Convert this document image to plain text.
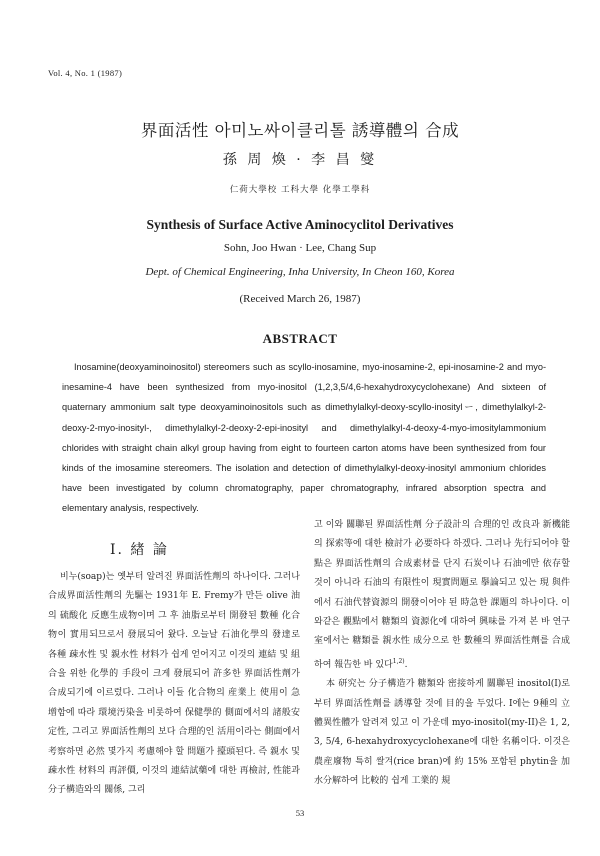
Vol. 4, No. 1 (1987)
界面活性 아미노싸이클리톨 誘導體의 合成
孫 周 煥 · 李 昌 燮
仁荷大學校 工科大學 化學工學科
Synthesis of Surface Active Aminocyclitol Derivatives
Sohn, Joo Hwan · Lee, Chang Sup
Dept. of Chemical Engineering, Inha University, In Cheon 160, Korea
(Received March 26, 1987)
ABSTRACT

Inosamine(deoxyaminoinositol) stereomers such as scyllo-inosamine, myo-inosamine-2, epi-inosamine-2 and myo-inesamine-4 have been synthesized from myo-inositol (1,2,3,5/4,6-hexahydroxycyclohexane) And sixteen of quaternary ammonium salt type deoxyaminoinositols such as dimethylalkyl-deoxy-scyllo-inositylー, dimethylalkyl-2-deoxy-2-myo-inosityl-, dimethylalkyl-2-deoxy-2-epi-inosityl and dimethylalkyl-4-deoxy-4-myo-imositylammonium chlorides with straight chain alkyl group having from eight to fourteen carton atoms have been synthesized from four kinds of the imosamine stereomers. The isolation and detection of dimethylalkyl-deoxy-inosityl ammonium chlorides have been investigated by column chromatography, paper chromatography, infrared absorption spectra and elementary analysis, respectively.

I. 緖 論

비누(soap)는 옛부터 알려진 界面活性劑의 하나이다. 그러나 合成界面活性劑의 先驅는 1931年 E. Fremy가 만든 olive 油의 硫酸化 反應生成物이며 그 후 油脂로부터 開發된 數種 化合物이 實用되므로서 發展되어 왔다. 오늘날 石油化學의 發達로 各種 疎水性 및 親水性 材料가 쉽게 얻어지고 이것의 連結 및 組合을 위한 化學的 手段이 크게 發展되어 許多한 界面活性劑가 合成되기에 이르렀다. 그러나 이들 化合物의 産業上 使用이 急增함에 따라 環境汚染을 비롯하여 保健學的 側面에서의 諸般安定性, 그리고 界面活性劑의 보다 合理的인 活用이라는 側面에서 考察하면 必然 몇가지 考慮해야 할 問題가 擡頭된다. 즉 親水 및 疎水性 材料의 再評價, 이것의 連結試藥에 대한 再檢討, 性能과 分子構造와의 關係, 그리

고 이와 關聯된 界面活性劑 分子設計의 合理的인 改良과 新機能의 探索等에 대한 檢討가 必要하다 하겠다. 그러나 先行되어야 할 點은 界面活性劑의 合成素材를 단지 石炭이나 石油에만 依存할 것이 아니라 石油의 有限性이 現實問題로 擧論되고 있는 現 與件에서 石油代替資源의 開發이어야 된 時急한 課題의 하나이다. 이와같은 觀點에서 糖類의 資源化에 대하여 興味를 가져 본 바 연구室에서는 糖類를 親水性 成分으로 한 數種의 界面活性劑를 合成하여 報告한 바 있다$^{1,2)}$.

本 研究는 分子構造가 糖類와 密接하게 關聯된 inositol(I)로 부터 界面活性劑를 誘導할 것에 目的을 두었다. I에는 9種의 立體異性體가 알려져 있고 이 가운데 myo-inositol(my-II)은 1, 2, 3, 5/4, 6-hexahydroxycyclohexane에 대한 名稱이다. 이것은 農産廢物 특히 쌀겨(rice bran)에 約 15% 포함된 phytin을 加水分解하여 比較的 쉽게 工業的 規

53
